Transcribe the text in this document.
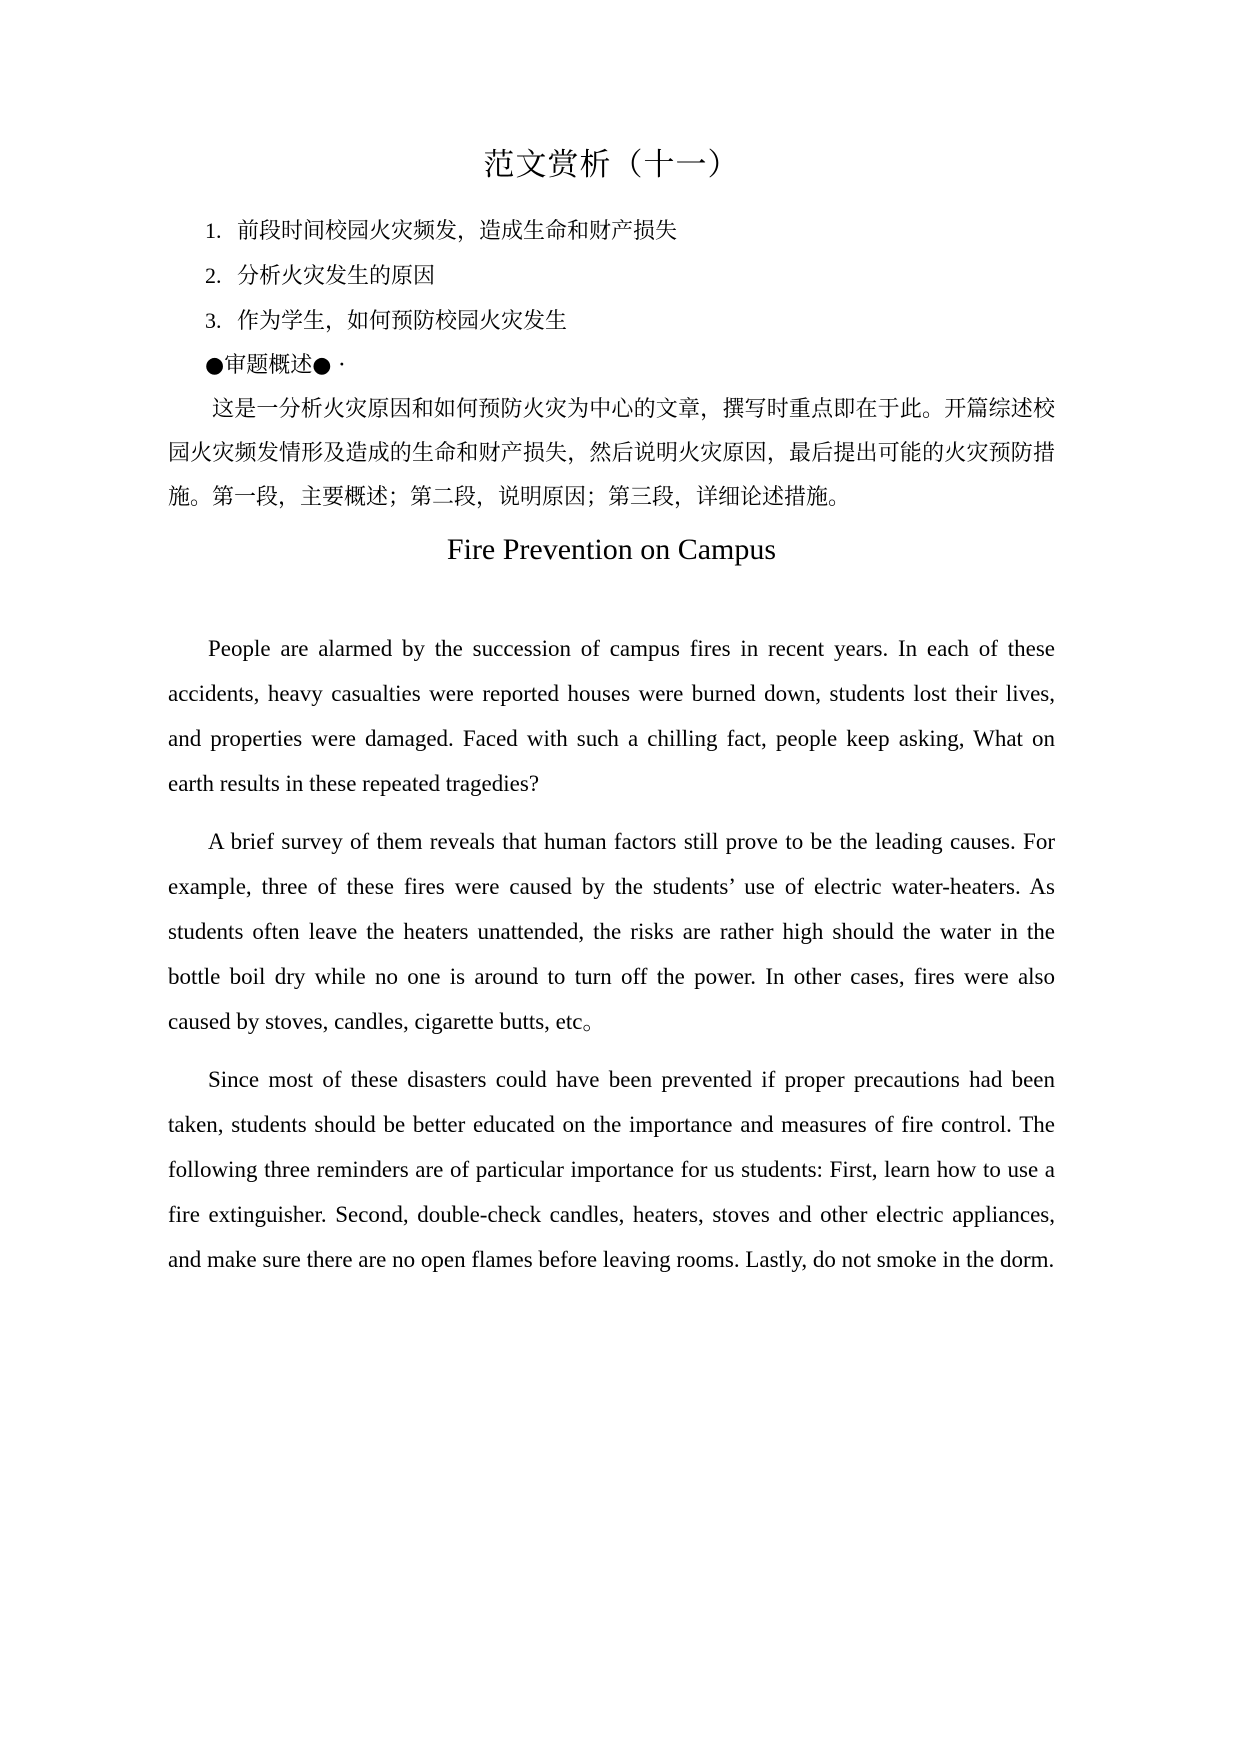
范文赏析（十一）
1. 前段时间校园火灾频发，造成生命和财产损失
2. 分析火灾发生的原因
3. 作为学生，如何预防校园火灾发生
●审题概述● ·

这是一分析火灾原因和如何预防火灾为中心的文章，撰写时重点即在于此。开篇综述校园火灾频发情形及造成的生命和财产损失，然后说明火灾原因，最后提出可能的火灾预防措施。第一段，主要概述；第二段，说明原因；第三段，详细论述措施。

Fire Prevention on Campus

People are alarmed by the succession of campus fires in recent years. In each of these accidents, heavy casualties were reported houses were burned down, students lost their lives, and properties were damaged. Faced with such a chilling fact, people keep asking, What on earth results in these repeated tragedies?

A brief survey of them reveals that human factors still prove to be the leading causes. For example, three of these fires were caused by the students’ use of electric water-heaters. As students often leave the heaters unattended, the risks are rather high should the water in the bottle boil dry while no one is around to turn off the power. In other cases, fires were also caused by stoves, candles, cigarette butts, etc。

Since most of these disasters could have been prevented if proper precautions had been taken, students should be better educated on the importance and measures of fire control. The following three reminders are of particular importance for us students: First, learn how to use a fire extinguisher. Second, double-check candles, heaters, stoves and other electric appliances, and make sure there are no open flames before leaving rooms. Lastly, do not smoke in the dorm.
